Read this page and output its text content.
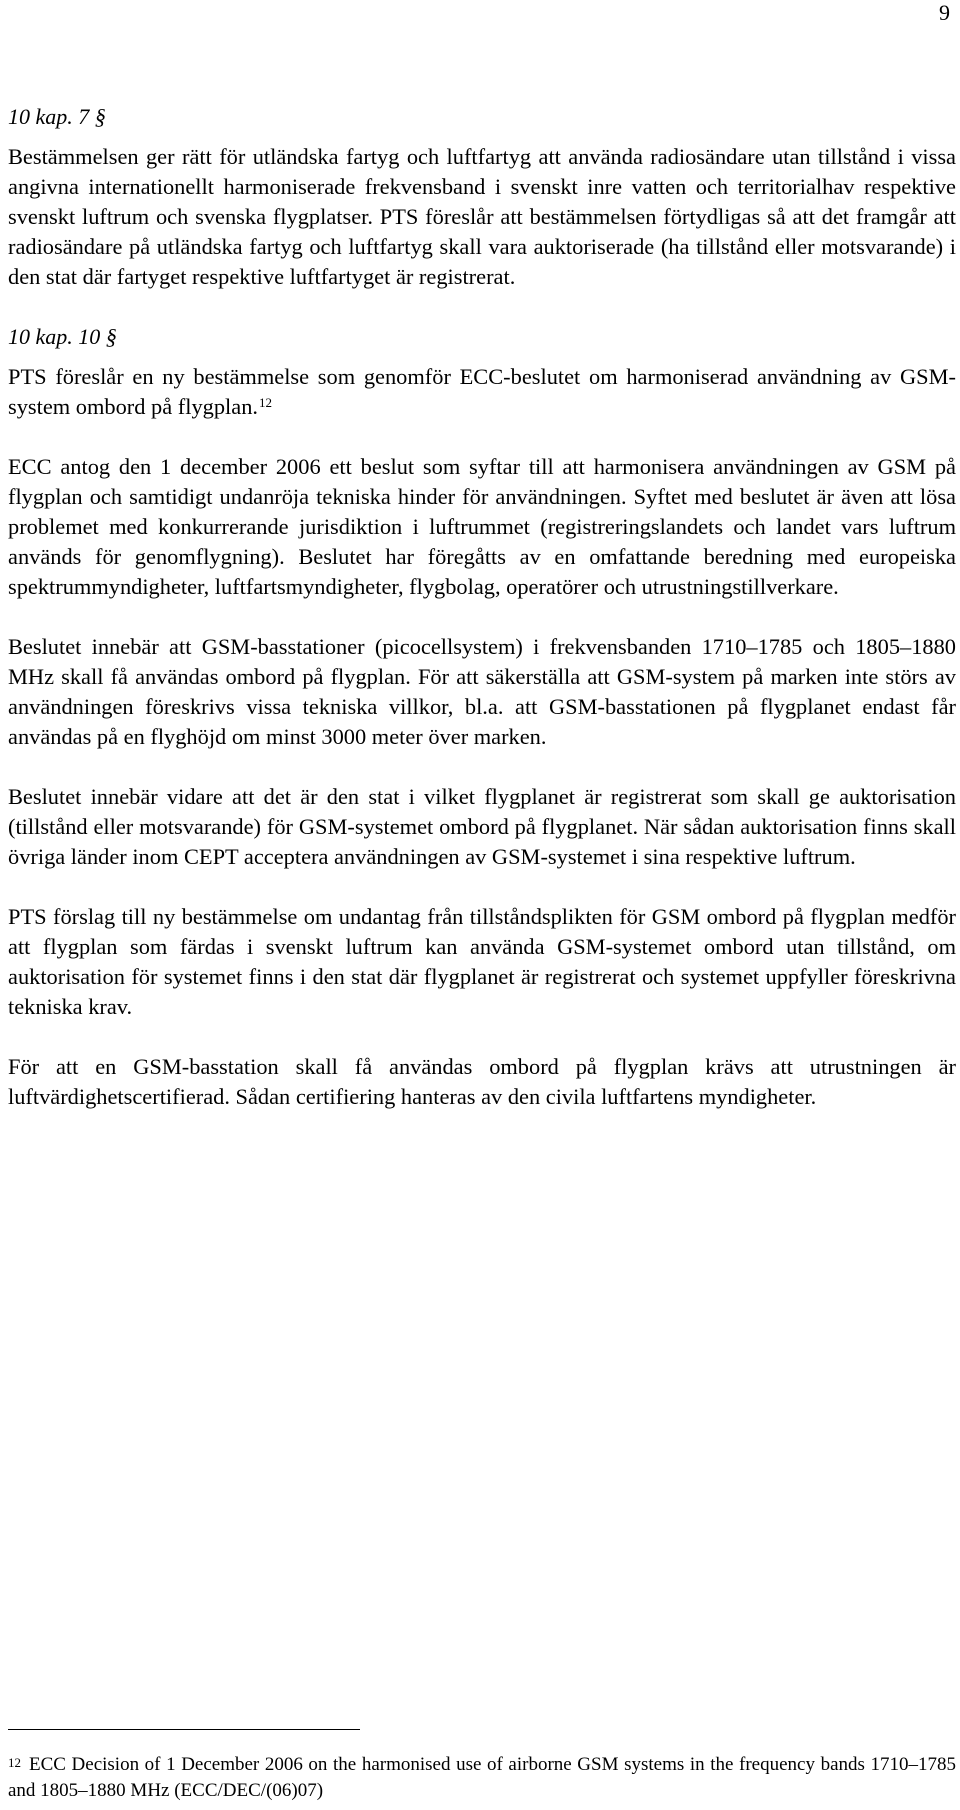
9
10 kap. 7 §

Bestämmelsen ger rätt för utländska fartyg och luftfartyg att använda radiosändare utan tillstånd i vissa angivna internationellt harmoniserade frekvensband i svenskt inre vatten och territorialhav respektive svenskt luftrum och svenska flygplatser. PTS föreslår att bestämmelsen förtydligas så att det framgår att radiosändare på utländska fartyg och luftfartyg skall vara auktoriserade (ha tillstånd eller motsvarande) i den stat där fartyget respektive luftfartyget är registrerat.

10 kap. 10 §

PTS föreslår en ny bestämmelse som genomför ECC-beslutet om harmoniserad användning av GSM-system ombord på flygplan.$^{12}$

ECC antog den 1 december 2006 ett beslut som syftar till att harmonisera användningen av GSM på flygplan och samtidigt undanröja tekniska hinder för användningen. Syftet med beslutet är även att lösa problemet med konkurrerande jurisdiktion i luftrummet (registreringslandets och landet vars luftrum används för genomflygning). Beslutet har föregåtts av en omfattande beredning med europeiska spektrummyndigheter, luftfartsmyndigheter, flygbolag, operatörer och utrustningstillverkare.

Beslutet innebär att GSM-basstationer (picocellsystem) i frekvensbanden 1710–1785 och 1805–1880 MHz skall få användas ombord på flygplan. För att säkerställa att GSM-system på marken inte störs av användningen föreskrivs vissa tekniska villkor, bl.a. att GSM-basstationen på flygplanet endast får användas på en flyghöjd om minst 3000 meter över marken.

Beslutet innebär vidare att det är den stat i vilket flygplanet är registrerat som skall ge auktorisation (tillstånd eller motsvarande) för GSM-systemet ombord på flygplanet. När sådan auktorisation finns skall övriga länder inom CEPT acceptera användningen av GSM-systemet i sina respektive luftrum.

PTS förslag till ny bestämmelse om undantag från tillståndsplikten för GSM ombord på flygplan medför att flygplan som färdas i svenskt luftrum kan använda GSM-systemet ombord utan tillstånd, om auktorisation för systemet finns i den stat där flygplanet är registrerat och systemet uppfyller föreskrivna tekniska krav.

För att en GSM-basstation skall få användas ombord på flygplan krävs att utrustningen är luftvärdighetscertifierad. Sådan certifiering hanteras av den civila luftfartens myndigheter.

$^{12}$ ECC Decision of 1 December 2006 on the harmonised use of airborne GSM systems in the frequency bands 1710–1785 and 1805–1880 MHz (ECC/DEC/(06)07)
